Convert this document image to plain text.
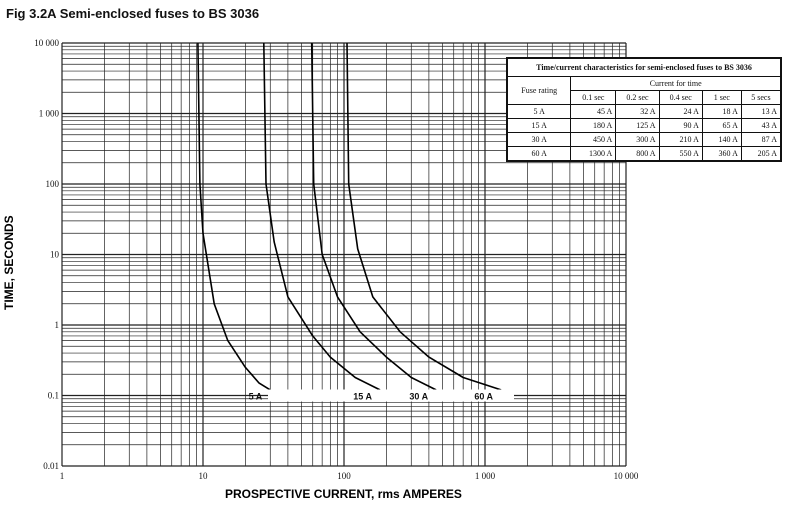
Fig 3.2A Semi-enclosed fuses to BS 3036
1	10	100	1 000	10 000
0.01
0.1
1
10
100
1 000
10 000
5 A	15 A	30 A	60 A
TIME, SECONDS
PROSPECTIVE CURRENT, rms AMPERES
Time/current characteristics for semi-enclosed fuses to BS 3036					
Fuse rating	Current for time				
	0.1 sec	0.2 sec	0.4 sec	1 sec	5 secs
5 A	45 A	32 A	24 A	18 A	13 A
15 A	180 A	125 A	90 A	65 A	43 A
30 A	450 A	300 A	210 A	140 A	87 A
60 A	1300 A	800 A	550 A	360 A	205 A
